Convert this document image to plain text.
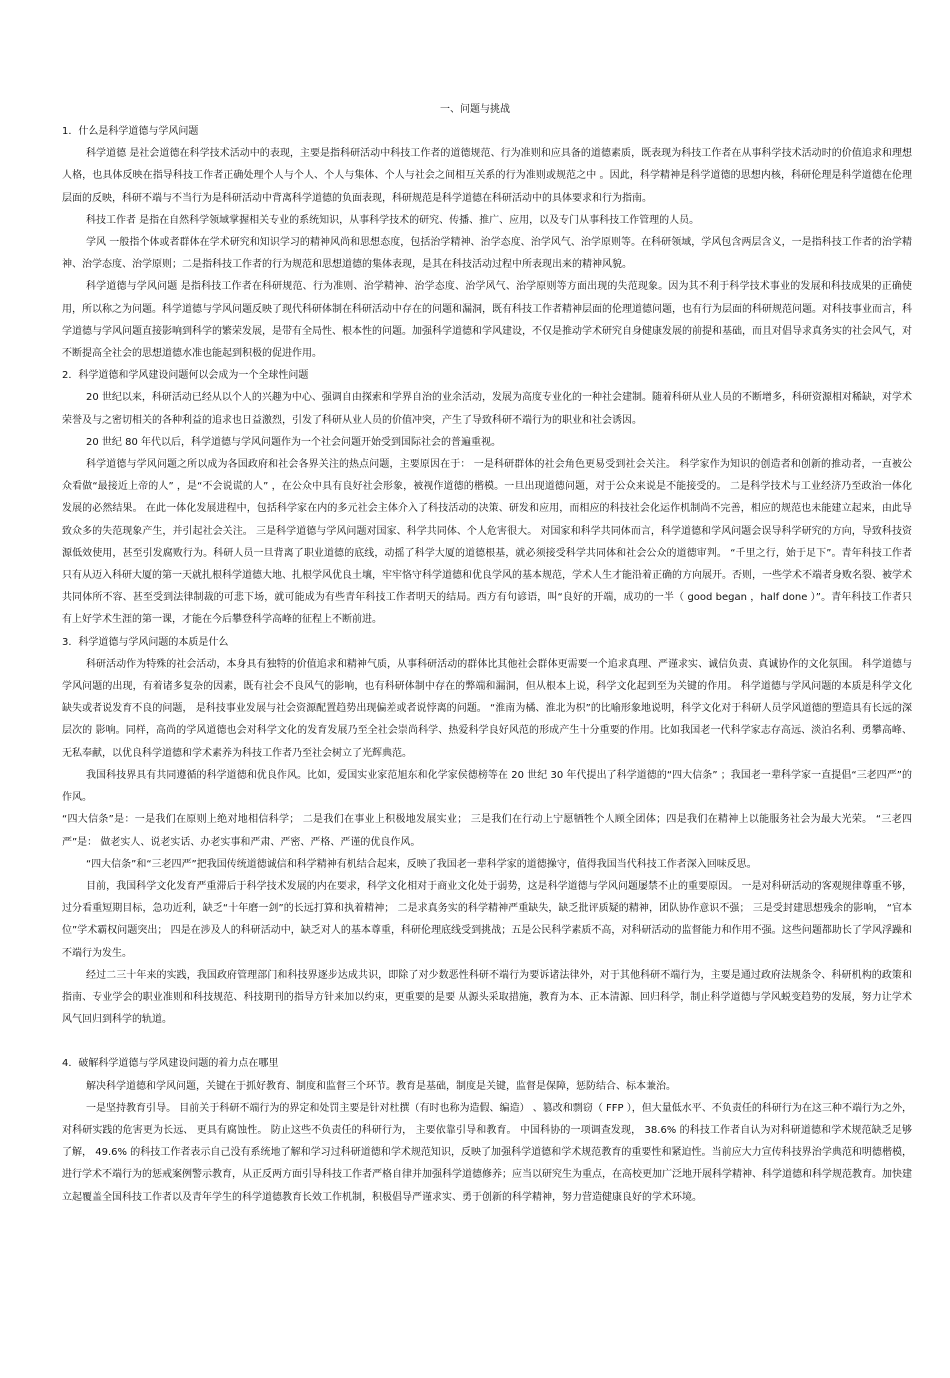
一、问题与挑战
1．什么是科学道德与学风问题

科学道德 是社会道德在科学技术活动中的表现，主要是指科研活动中科技工作者的道德规范、行为准则和应具备的道德素质，既表现为科技工作者在从事科学技术活动时的价值追求和理想人格，也具体反映在指导科技工作者正确处理个人与个人、个人与集体、个人与社会之间相互关系的行为准则或规范之中 。因此，科学精神是科学道德的思想内核，科研伦理是科学道德在伦理层面的反映，科研不端与不当行为是科研活动中背离科学道德的负面表现，科研规范是科学道德在科研活动中的具体要求和行为指南。

科技工作者 是指在自然科学领域掌握相关专业的系统知识，从事科学技术的研究、传播、推广、应用，以及专门从事科技工作管理的人员。

学风 一般指个体或者群体在学术研究和知识学习的精神风尚和思想态度，包括治学精神、治学态度、治学风气、治学原则等。在科研领域，学风包含两层含义，一是指科技工作者的治学精神、治学态度、治学原则；二是指科技工作者的行为规范和思想道德的集体表现，是其在科技活动过程中所表现出来的精神风貌。

科学道德与学风问题 是指科技工作者在科研规范、行为准则、治学精神、治学态度、治学风气、治学原则等方面出现的失范现象。因为其不利于科学技术事业的发展和科技成果的正确使用，所以称之为问题。科学道德与学风问题反映了现代科研体制在科研活动中存在的问题和漏洞，既有科技工作者精神层面的伦理道德问题，也有行为层面的科研规范问题。对科技事业而言，科学道德与学风问题直接影响到科学的繁荣发展，是带有全局性、根本性的问题。加强科学道德和学风建设，不仅是推动学术研究自身健康发展的前提和基础，而且对倡导求真务实的社会风气，对不断提高全社会的思想道德水准也能起到积极的促进作用。

2．科学道德和学风建设问题何以会成为一个全球性问题

20 世纪以来，科研活动已经从以个人的兴趣为中心、强调自由探索和学界自治的业余活动，发展为高度专业化的一种社会建制。随着科研从业人员的不断增多，科研资源相对稀缺，对学术荣誉及与之密切相关的各种利益的追求也日益激烈，引发了科研从业人员的价值冲突，产生了导致科研不端行为的职业和社会诱因。

20 世纪 80 年代以后，科学道德与学风问题作为一个社会问题开始受到国际社会的普遍重视。

科学道德与学风问题之所以成为各国政府和社会各界关注的热点问题，主要原因在于： 一是科研群体的社会角色更易受到社会关注。 科学家作为知识的创造者和创新的推动者，一直被公众看做“最接近上帝的人” ，是“不会说谎的人” ，在公众中具有良好社会形象，被视作道德的楷模。一旦出现道德问题，对于公众来说是不能接受的。 二是科学技术与工业经济乃至政治一体化发展的必然结果。 在此一体化发展进程中，包括科学家在内的多元社会主体介入了科技活动的决策、研发和应用，而相应的科技社会化运作机制尚不完善，相应的规范也未能建立起来，由此导致众多的失范现象产生，并引起社会关注。 三是科学道德与学风问题对国家、科学共同体、个人危害很大。 对国家和科学共同体而言，科学道德和学风问题会误导科学研究的方向，导致科技资源低效使用，甚至引发腐败行为。科研人员一旦背离了职业道德的底线，动摇了科学大厦的道德根基，就必须接受科学共同体和社会公众的道德审判。 “千里之行，始于足下”。青年科技工作者只有从迈入科研大厦的第一天就扎根科学道德大地、扎根学风优良土壤，牢牢恪守科学道德和优良学风的基本规范，学术人生才能沿着正确的方向展开。否则，一些学术不端者身败名裂、被学术共同体所不容、甚至受到法律制裁的可悲下场，就可能成为有些青年科技工作者明天的结局。西方有句谚语，叫“良好的开端，成功的一半（ good began ，half done ）”。青年科技工作者只有上好学术生涯的第一课，才能在今后攀登科学高峰的征程上不断前进。

3．科学道德与学风问题的本质是什么

科研活动作为特殊的社会活动，本身具有独特的价值追求和精神气质，从事科研活动的群体比其他社会群体更需要一个追求真理、严谨求实、诚信负责、真诚协作的文化氛围。 科学道德与学风问题的出现，有着诸多复杂的因素，既有社会不良风气的影响，也有科研体制中存在的弊端和漏洞，但从根本上说，科学文化起到至为关键的作用。 科学道德与学风问题的本质是科学文化缺失或者说发育不良的问题， 是科技事业发展与社会资源配置趋势出现偏差或者说悖离的问题。 “淮南为橘、淮北为枳”的比喻形象地说明，科学文化对于科研人员学风道德的塑造具有长远的深层次的 影响。同样，高尚的学风道德也会对科学文化的发育发展乃至全社会崇尚科学、热爱科学良好风范的形成产生十分重要的作用。比如我国老一代科学家志存高远、淡泊名利、勇攀高峰、无私奉献，以优良科学道德和学术素养为科技工作者乃至社会树立了光辉典范。

我国科技界具有共同遵循的科学道德和优良作风。比如，爱国实业家范旭东和化学家侯德榜等在 20 世纪 30 年代提出了科学道德的“四大信条” ；我国老一辈科学家一直提倡“三老四严”的作风。

“四大信条”是：一是我们在原则上绝对地相信科学； 二是我们在事业上积极地发展实业； 三是我们在行动上宁愿牺牲个人顾全团体；四是我们在精神上以能服务社会为最大光荣。 “三老四严”是： 做老实人、说老实话、办老实事和严肃、严密、严格、严谨的优良作风。

“四大信条”和“三老四严”把我国传统道德诚信和科学精神有机结合起来，反映了我国老一辈科学家的道德操守，值得我国当代科技工作者深入回味反思。

目前，我国科学文化发育严重滞后于科学技术发展的内在要求，科学文化相对于商业文化处于弱势，这是科学道德与学风问题屡禁不止的重要原因。 一是对科研活动的客观规律尊重不够，过分看重短期目标，急功近利，缺乏“十年磨一剑”的长远打算和执着精神； 二是求真务实的科学精神严重缺失，缺乏批评质疑的精神，团队协作意识不强； 三是受封建思想残余的影响， “官本位”学术霸权问题突出； 四是在涉及人的科研活动中，缺乏对人的基本尊重，科研伦理底线受到挑战；五是公民科学素质不高，对科研活动的监督能力和作用不强。这些问题都助长了学风浮躁和不端行为发生。

经过二三十年来的实践，我国政府管理部门和科技界逐步达成共识，即除了对少数恶性科研不端行为要诉诸法律外，对于其他科研不端行为，主要是通过政府法规条令、科研机构的政策和指南、专业学会的职业准则和科技规范、科技期刊的指导方针来加以约束，更重要的是要 从源头采取措施，教育为本、正本清源、回归科学，制止科学道德与学风蜕变趋势的发展，努力让学术风气回归到科学的轨道。

4．破解科学道德与学风建设问题的着力点在哪里

解决科学道德和学风问题，关键在于抓好教育、制度和监督三个环节。教育是基础，制度是关键，监督是保障，惩防结合、标本兼治。

一是坚持教育引导。 目前关于科研不端行为的界定和处罚主要是针对杜撰（有时也称为造假、编造） 、篡改和剽窃（ FFP ），但大量低水平、不负责任的科研行为在这三种不端行为之外， 对科研实践的危害更为长远、 更具有腐蚀性。 防止这些不负责任的科研行为， 主要依靠引导和教育。 中国科协的一项调查发现， 38.6% 的科技工作者自认为对科研道德和学术规范缺乏足够了解， 49.6% 的科技工作者表示自己没有系统地了解和学习过科研道德和学术规范知识，反映了加强科学道德和学术规范教育的重要性和紧迫性。当前应大力宣传科技界治学典范和明德楷模，进行学术不端行为的惩戒案例警示教育，从正反两方面引导科技工作者严格自律并加强科学道德修养；应当以研究生为重点，在高校更加广泛地开展科学精神、科学道德和科学规范教育。加快建立起覆盖全国科技工作者以及青年学生的科学道德教育长效工作机制，积极倡导严谨求实、勇于创新的科学精神，努力营造健康良好的学术环境。
